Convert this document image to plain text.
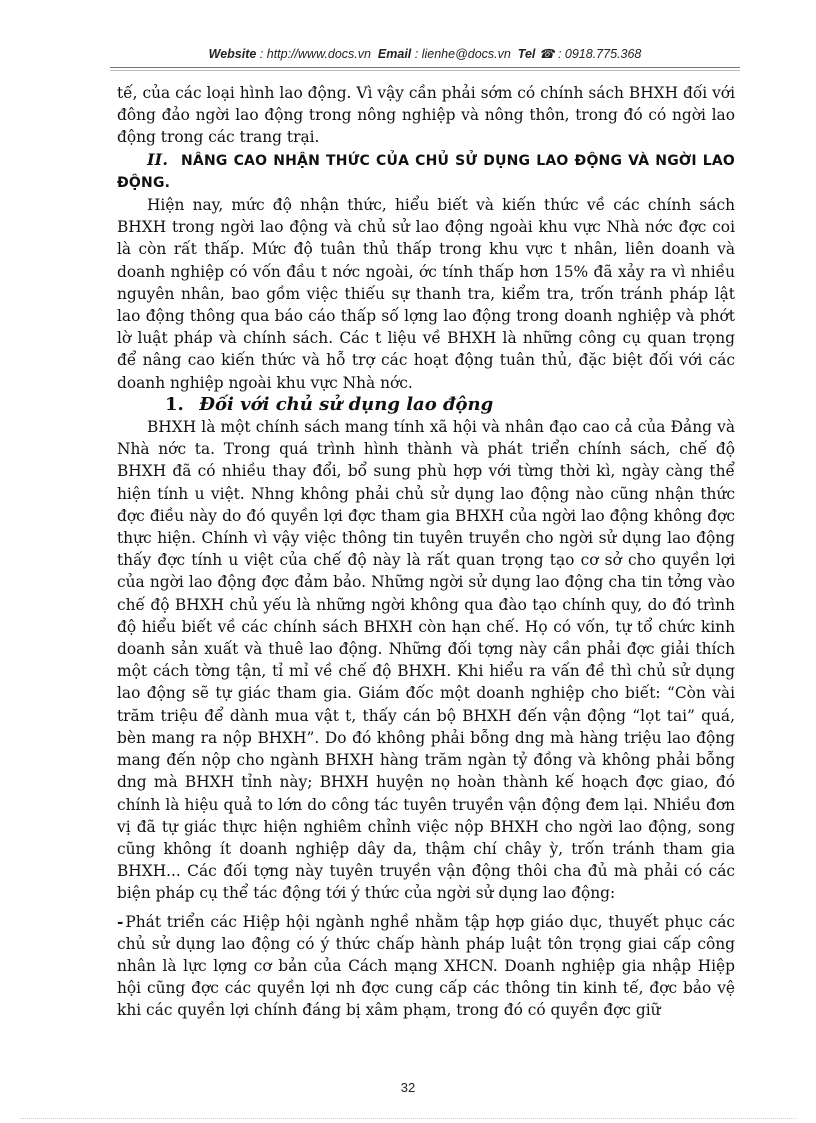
Website : http://www.docs.vn Email : lienhe@docs.vn Tel ☎ : 0918.775.368

tế, của các loại hình lao động. Vì vậy cần phải sớm có chính sách BHXH đối với đông đảo ngời lao động trong nông nghiệp và nông thôn, trong đó có ngời lao động trong các trang trại.

II. NÂNG CAO NHẬN THỨC CỦA CHỦ SỬ DỤNG LAO ĐỘNG VÀ NGỜI LAO ĐỘNG.

Hiện nay, mức độ nhận thức, hiểu biết và kiến thức về các chính sách BHXH trong ngời lao động và chủ sử lao động ngoài khu vực Nhà nớc đợc coi là còn rất thấp. Mức độ tuân thủ thấp trong khu vực t nhân, liên doanh và doanh nghiệp có vốn đầu t nớc ngoài, ớc tính thấp hơn 15% đã xảy ra vì nhiều nguyên nhân, bao gồm việc thiếu sự thanh tra, kiểm tra, trốn tránh pháp lật lao động thông qua báo cáo thấp số lợng lao động trong doanh nghiệp và phớt lờ luật pháp và chính sách. Các t liệu về BHXH là những công cụ quan trọng để nâng cao kiến thức và hỗ trợ các hoạt động tuân thủ, đặc biệt đối với các doanh nghiệp ngoài khu vực Nhà nớc.

1. Đối với chủ sử dụng lao động

BHXH là một chính sách mang tính xã hội và nhân đạo cao cả của Đảng và Nhà nớc ta. Trong quá trình hình thành và phát triển chính sách, chế độ BHXH đã có nhiều thay đổi, bổ sung phù hợp với từng thời kì, ngày càng thể hiện tính u việt. Nhng không phải chủ sử dụng lao động nào cũng nhận thức đợc điều này do đó quyền lợi đợc tham gia BHXH của ngời lao động không đợc thực hiện. Chính vì vậy việc thông tin tuyên truyền cho ngời sử dụng lao động thấy đợc tính u việt của chế độ này là rất quan trọng tạo cơ sở cho quyền lợi của ngời lao động đợc đảm bảo. Những ngời sử dụng lao động cha tin tởng vào chế độ BHXH chủ yếu là những ngời không qua đào tạo chính quy, do đó trình độ hiểu biết về các chính sách BHXH còn hạn chế. Họ có vốn, tự tổ chức kinh doanh sản xuất và thuê lao động. Những đối tợng này cần phải đợc giải thích một cách tờng tận, tỉ mỉ về chế độ BHXH. Khi hiểu ra vấn đề thì chủ sử dụng lao động sẽ tự giác tham gia. Giám đốc một doanh nghiệp cho biết: “Còn vài trăm triệu để dành mua vật t, thấy cán bộ BHXH đến vận động “lọt tai” quá, bèn mang ra nộp BHXH”. Do đó không phải bỗng dng mà hàng triệu lao động mang đến nộp cho ngành BHXH hàng trăm ngàn tỷ đồng và không phải bỗng dng mà BHXH tỉnh này; BHXH huyện nọ hoàn thành kế hoạch đợc giao, đó chính là hiệu quả to lớn do công tác tuyên truyền vận động đem lại. Nhiều đơn vị đã tự giác thực hiện nghiêm chỉnh việc nộp BHXH cho ngời lao động, song cũng không ít doanh nghiệp dây da, thậm chí chây ỳ, trốn tránh tham gia BHXH... Các đối tợng này tuyên truyền vận động thôi cha đủ mà phải có các biện pháp cụ thể tác động tới ý thức của ngời sử dụng lao động:

- Phát triển các Hiệp hội ngành nghề nhằm tập hợp giáo dục, thuyết phục các chủ sử dụng lao động có ý thức chấp hành pháp luật tôn trọng giai cấp công nhân là lực lợng cơ bản của Cách mạng XHCN. Doanh nghiệp gia nhập Hiệp hội cũng đợc các quyền lợi nh đợc cung cấp các thông tin kinh tế, đợc bảo vệ khi các quyền lợi chính đáng bị xâm phạm, trong đó có quyền đợc giữ

32
